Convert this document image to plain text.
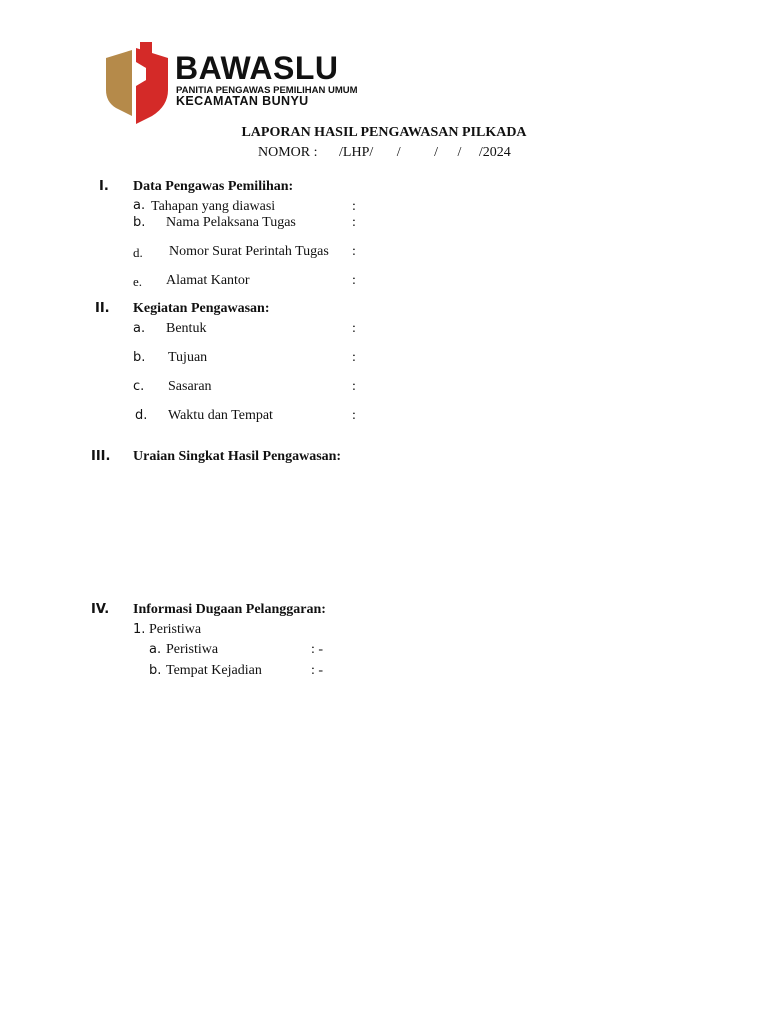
BAWASLU
PANITIA PENGAWAS PEMILIHAN UMUM
KECAMATAN BUNYU
LAPORAN HASIL PENGAWASAN PILKADA
NOMOR : /LHP/ / / / /2024
I. Data Pengawas Pemilihan:
a. Tahapan yang diawasi	:
b. Nama Pelaksana Tugas	:
d. Nomor Surat Perintah Tugas :
e. Alamat Kantor	:
II. Kegiatan Pengawasan:
a. Bentuk	:
b. Tujuan	:
c. Sasaran	:
d. Waktu dan Tempat	:
III. Uraian Singkat Hasil Pengawasan:
IV. Informasi Dugaan Pelanggaran:
1. Peristiwa
a. Peristiwa	: -
b. Tempat Kejadian	: -
